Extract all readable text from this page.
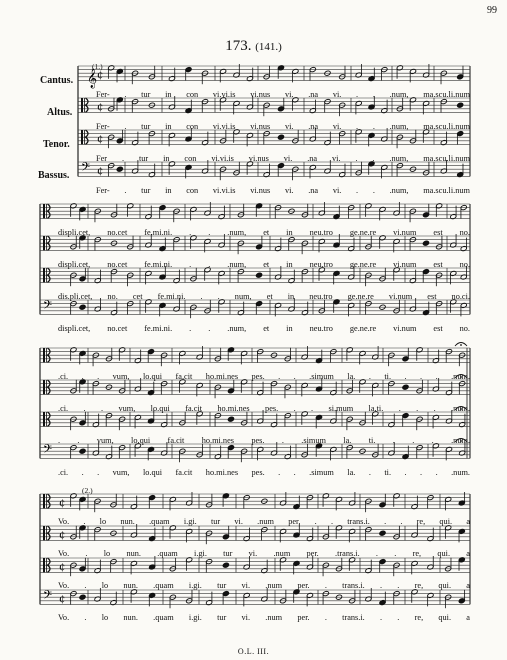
99
173. (141.)
Cantus.
Altus.
Tenor.
Bassus.
(1.)
(2.)
𝄞 ¢
¢
¢
𝄢 ¢
𝄢
𝄢
¢
¢
¢
𝄢 ¢
Fer- . tur in con vi.vi.is vi.nus vi. .na vi. . . .num, ma.scu.li.num
Fer- . tur in con vi.vi.is vi.nus vi. .na vi. . . .num, ma.scu.li.num
Fer . tur in con vi.vi.is vi.nus vi. .na vi. . . .num, ma.scu.li.num
Fer- . tur in con vi.vi.is vi.nus vi. .na vi. . . .num, ma.scu.li.num
displi.cet, no.cet fe.mi.ni. . . .num, et in neu.tro ge.ne.re vi.num est no.
displi.cet, no.cet fe.mi.ni. . . .num, et in neu.tro ge.ne.re vi.num est no.
dis.pli.cet, no. cet fe.mi.ni. . . num, et in neu.tro ge.ne.re vi.num est no.ci.
displi.cet, no.cet fe.mi.ni. . . .num, et in neu.tro ge.ne.re vi.num est no.
.ci. . . vum, lo.qui fa.cit ho.mi.nes pes. . . .simum la. . ti. . . . .num.
.ci. . . vum, lo.qui fa.cit ho.mi.nes pes. . . si.mum la.ti. . . . .num.
. . vum, lo.qui fa.cit ho.mi.nes pes. . .simum la. ti. . . . .num.
.ci. . . vum, lo.qui fa.cit ho.mi.nes pes. . . .simum la. . ti. . . . .num.
Vo. . lo nun. .quam i.gi. tur vi. .num per. . . trans.i. . . re, qui. a
Vo. . lo nun. .quam i.gi. tur vi. .num per. .trans.i. . . re, qui. a
Vo. . lo nun. .quam i.gi. tur vi. .num per. . trans.i. . . re, qui. a
Vo. . lo nun. .quam i.gi. tur vi. .num per. . trans.i. . . re, qui. a
O.L. III.
